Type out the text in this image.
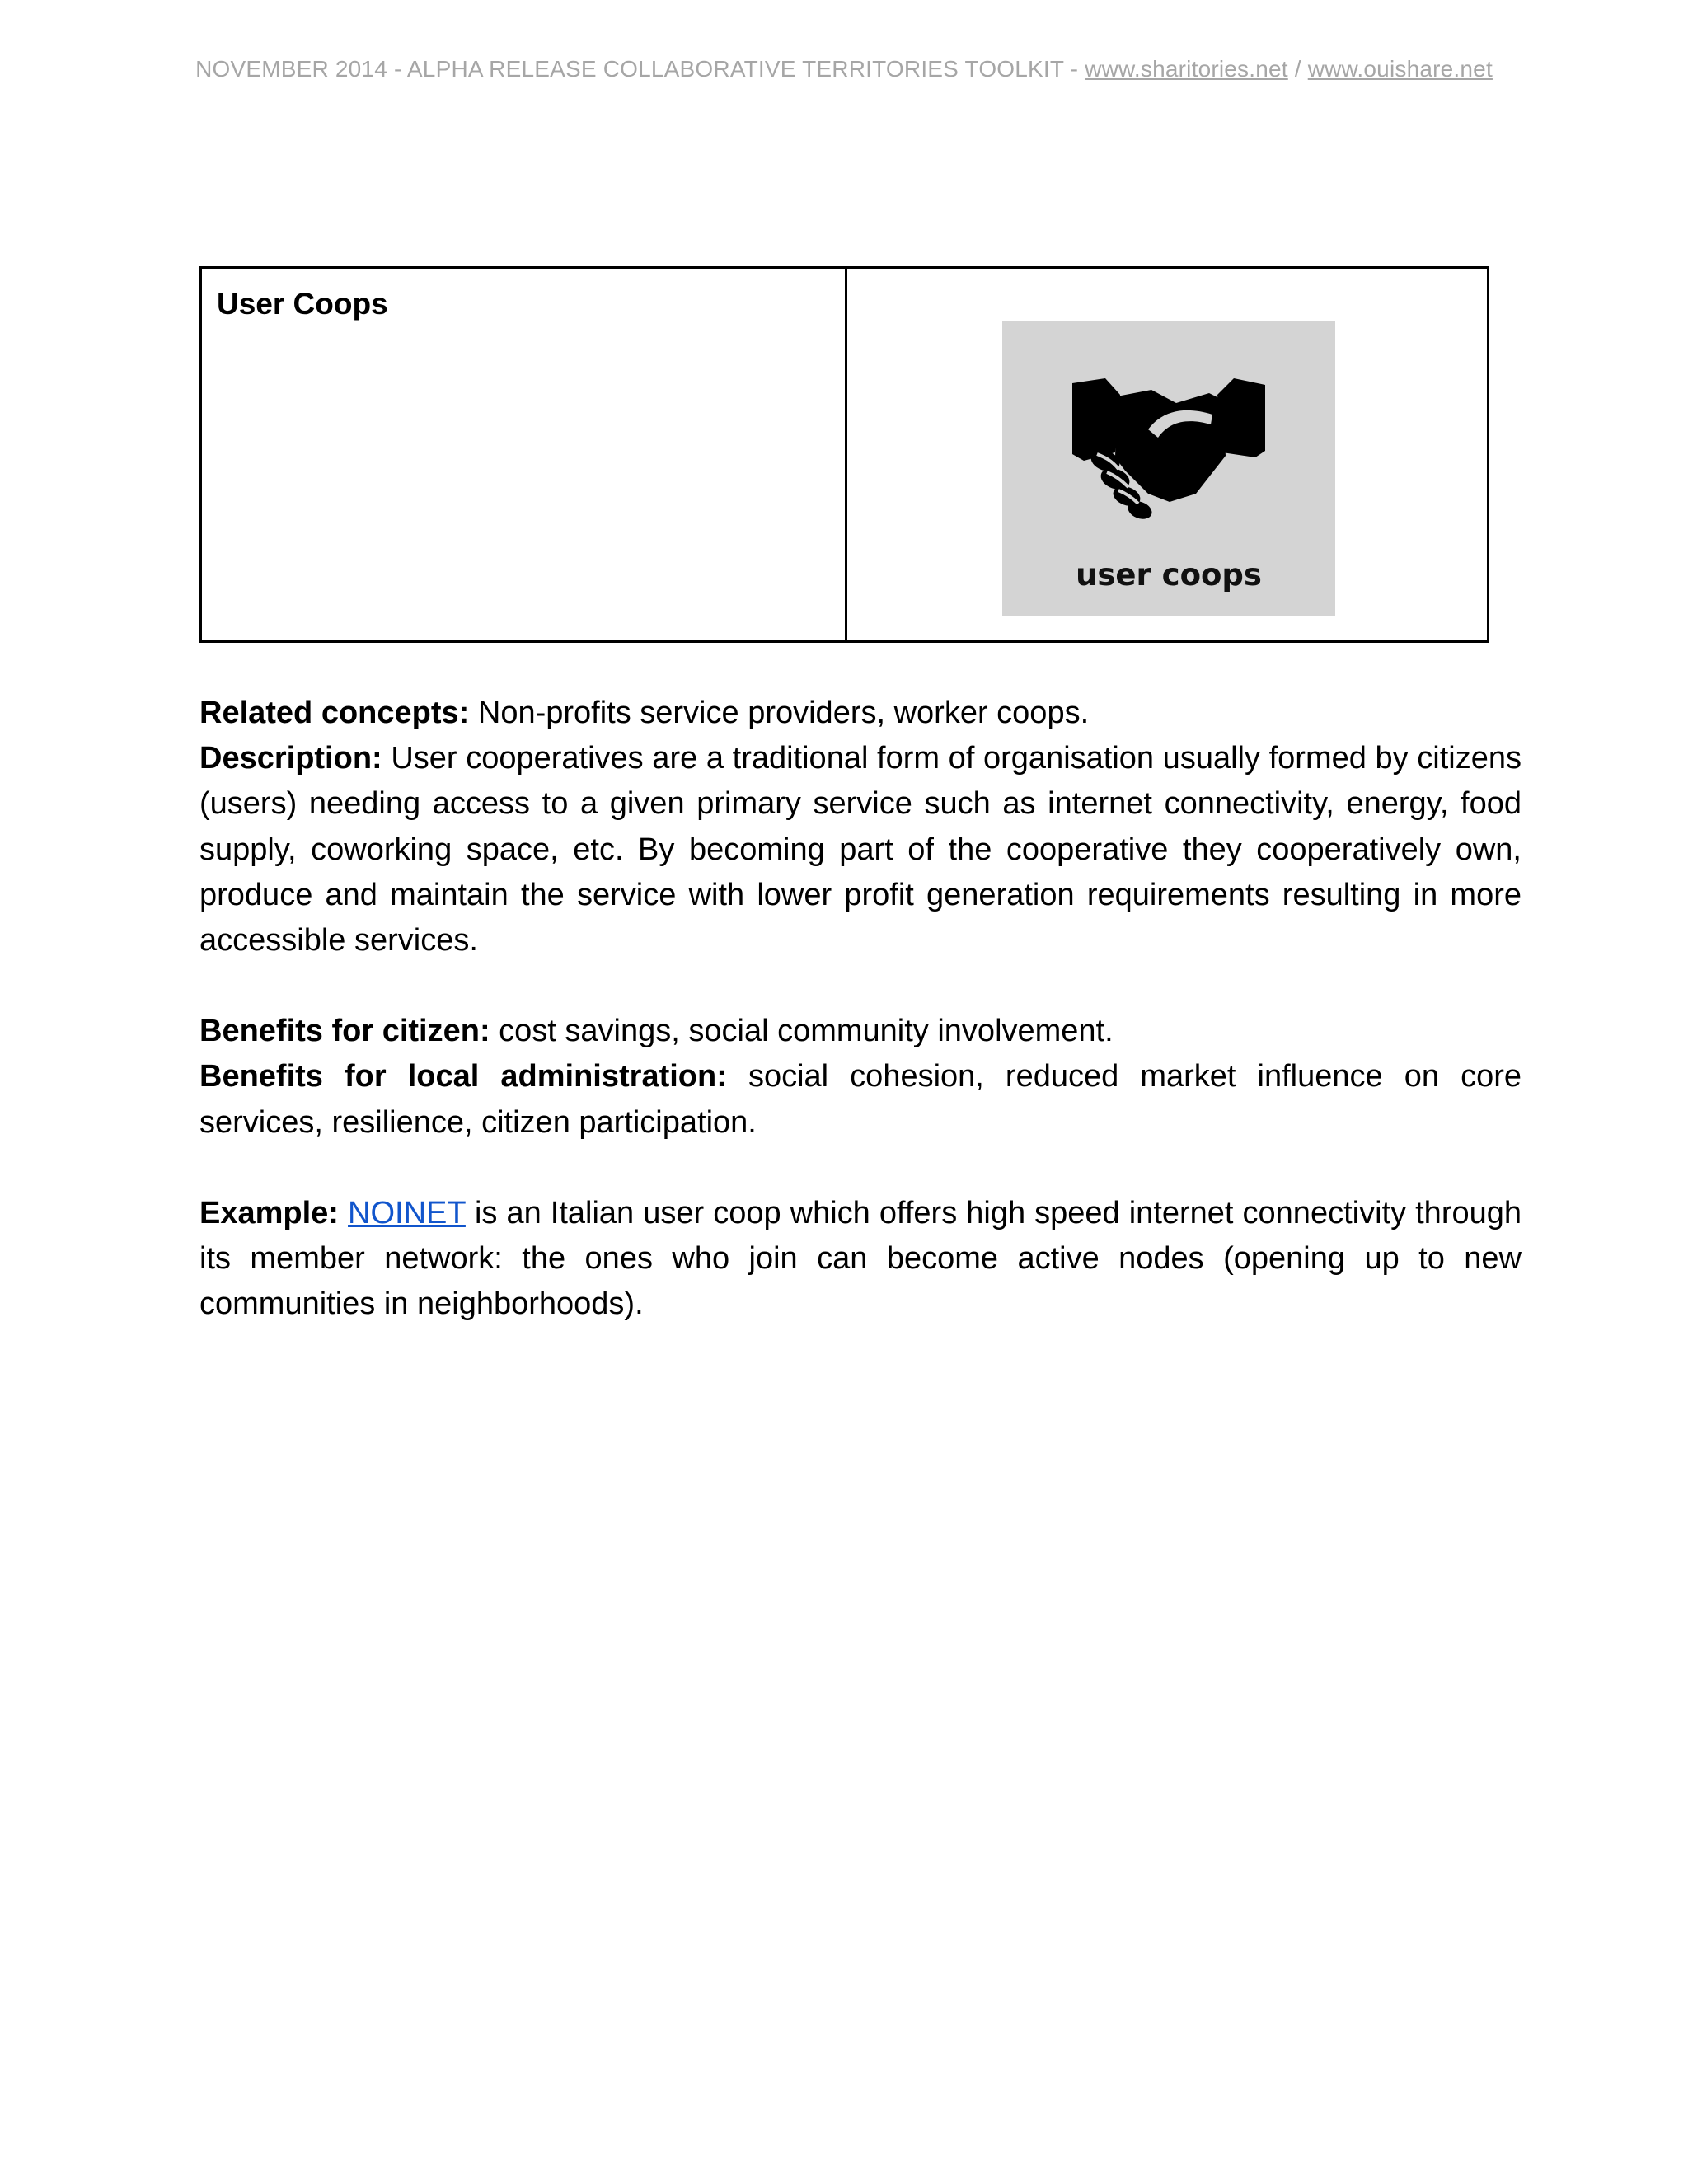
NOVEMBER 2014 - ALPHA RELEASE COLLABORATIVE TERRITORIES TOOLKIT - www.sharitories.net / www.ouishare.net
User Coops
user coops

Related concepts: Non-profits service providers, worker coops.

Description: User cooperatives are a traditional form of organisation usually formed by citizens (users) needing access to a given primary service such as internet connectivity, energy, food supply, coworking space, etc. By becoming part of the cooperative they cooperatively own, produce and maintain the service with lower profit generation requirements resulting in more accessible services.

Benefits for citizen: cost savings, social community involvement.

Benefits for local administration: social cohesion, reduced market influence on core services, resilience, citizen participation.

Example: NOINET is an Italian user coop which offers high speed internet connectivity through its member network: the ones who join can become active nodes (opening up to new communities in neighborhoods).
